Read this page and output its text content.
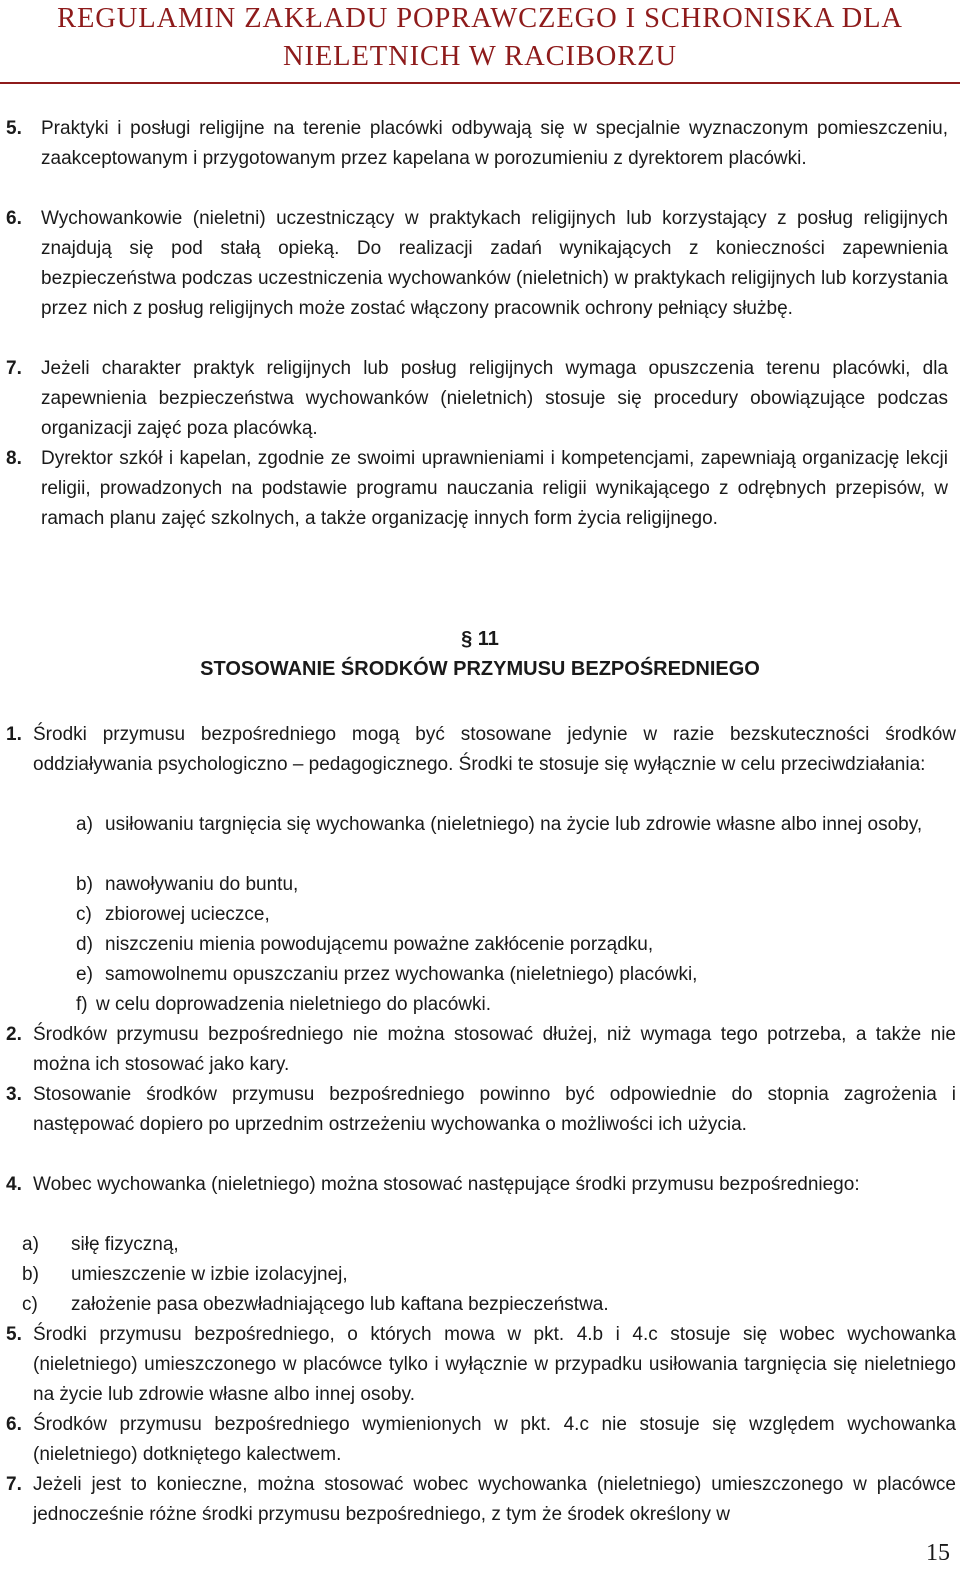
REGULAMIN ZAKŁADU POPRAWCZEGO I SCHRONISKA DLA
NIELETNICH W RACIBORZU
5. Praktyki i posługi religijne na terenie placówki odbywają się w specjalnie wyznaczonym pomieszczeniu, zaakceptowanym i przygotowanym przez kapelana w porozumieniu z dyrektorem placówki.
6. Wychowankowie (nieletni) uczestniczący w praktykach religijnych lub korzystający z posług religijnych znajdują się pod stałą opieką. Do realizacji zadań wynikających z konieczności zapewnienia bezpieczeństwa podczas uczestniczenia wychowanków (nieletnich) w praktykach religijnych lub korzystania przez nich z posług religijnych może zostać włączony pracownik ochrony pełniący służbę.
7. Jeżeli charakter praktyk religijnych lub posług religijnych wymaga opuszczenia terenu placówki, dla zapewnienia bezpieczeństwa wychowanków (nieletnich) stosuje się procedury obowiązujące podczas organizacji zajęć poza placówką.
8. Dyrektor szkół i kapelan, zgodnie ze swoimi uprawnieniami i kompetencjami, zapewniają organizację lekcji religii, prowadzonych na podstawie programu nauczania religii wynikającego z odrębnych przepisów, w ramach planu zajęć szkolnych, a także organizację innych form życia religijnego.
§ 11
STOSOWANIE ŚRODKÓW PRZYMUSU BEZPOŚREDNIEGO
1. Środki przymusu bezpośredniego mogą być stosowane jedynie w razie bezskuteczności środków oddziaływania psychologiczno – pedagogicznego. Środki te stosuje się wyłącznie w celu przeciwdziałania:
a) usiłowaniu targnięcia się wychowanka (nieletniego) na życie lub zdrowie własne albo innej osoby,
b) nawoływaniu do buntu,
c) zbiorowej ucieczce,
d) niszczeniu mienia powodującemu poważne zakłócenie porządku,
e) samowolnemu opuszczaniu przez wychowanka (nieletniego) placówki,
f) w celu doprowadzenia nieletniego do placówki.
2. Środków przymusu bezpośredniego nie można stosować dłużej, niż wymaga tego potrzeba, a także nie można ich stosować jako kary.
3. Stosowanie środków przymusu bezpośredniego powinno być odpowiednie do stopnia zagrożenia i następować dopiero po uprzednim ostrzeżeniu wychowanka o możliwości ich użycia.
4. Wobec wychowanka (nieletniego) można stosować następujące środki przymusu bezpośredniego:
a) siłę fizyczną,
b) umieszczenie w izbie izolacyjnej,
c) założenie pasa obezwładniającego lub kaftana bezpieczeństwa.
5. Środki przymusu bezpośredniego, o których mowa w pkt. 4.b i 4.c stosuje się wobec wychowanka (nieletniego) umieszczonego w placówce tylko i wyłącznie w przypadku usiłowania targnięcia się nieletniego na życie lub zdrowie własne albo innej osoby.
6. Środków przymusu bezpośredniego wymienionych w pkt. 4.c nie stosuje się względem wychowanka (nieletniego) dotkniętego kalectwem.
7. Jeżeli jest to konieczne, można stosować wobec wychowanka (nieletniego) umieszczonego w placówce jednocześnie różne środki przymusu bezpośredniego, z tym że środek określony w
15
